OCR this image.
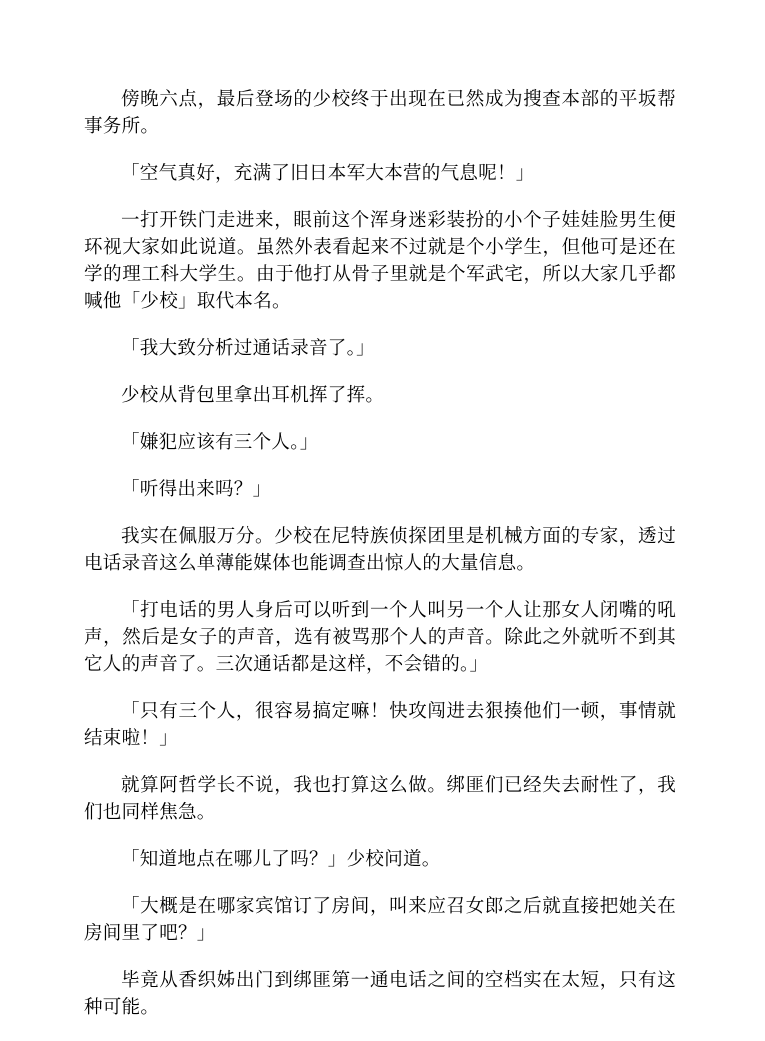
傍晚六点，最后登场的少校终于出现在已然成为搜查本部的平坂帮事务所。

「空气真好，充满了旧日本军大本营的气息呢！」

一打开铁门走进来，眼前这个浑身迷彩装扮的小个子娃娃脸男生便环视大家如此说道。虽然外表看起来不过就是个小学生，但他可是还在学的理工科大学生。由于他打从骨子里就是个军武宅，所以大家几乎都喊他「少校」取代本名。

「我大致分析过通话录音了。」

少校从背包里拿出耳机挥了挥。

「嫌犯应该有三个人。」

「听得出来吗？」

我实在佩服万分。少校在尼特族侦探团里是机械方面的专家，透过电话录音这么单薄能媒体也能调查出惊人的大量信息。

「打电话的男人身后可以听到一个人叫另一个人让那女人闭嘴的吼声，然后是女子的声音，选有被骂那个人的声音。除此之外就听不到其它人的声音了。三次通话都是这样，不会错的。」

「只有三个人，很容易搞定嘛！快攻闯进去狠揍他们一顿，事情就结束啦！」

就算阿哲学长不说，我也打算这么做。绑匪们已经失去耐性了，我们也同样焦急。

「知道地点在哪儿了吗？」少校问道。

「大概是在哪家宾馆订了房间，叫来应召女郎之后就直接把她关在房间里了吧？」

毕竟从香织姊出门到绑匪第一通电话之间的空档实在太短，只有这种可能。
